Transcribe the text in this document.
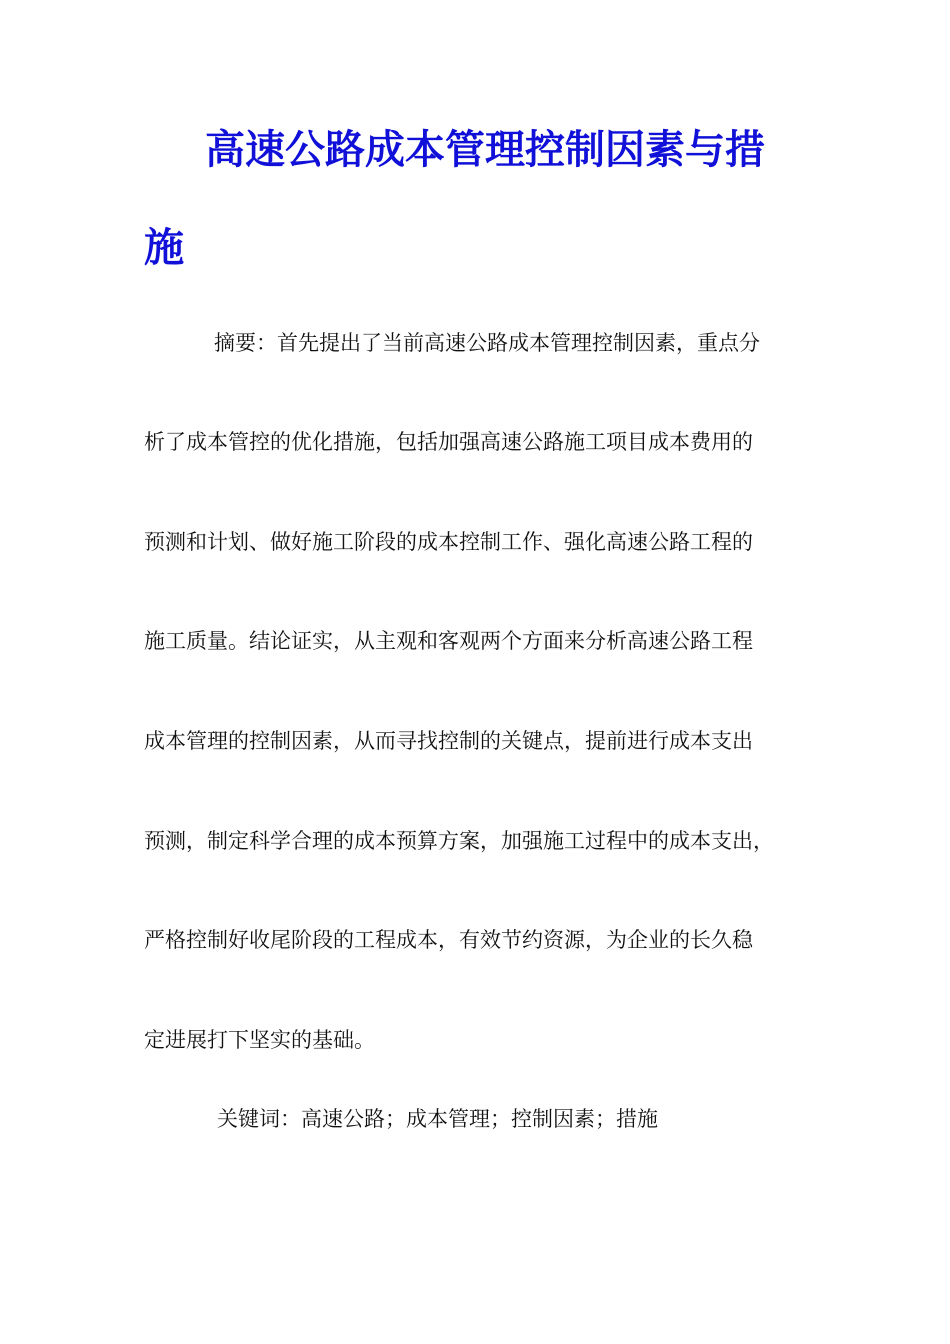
高速公路成本管理控制因素与措
施
摘要：首先提出了当前高速公路成本管理控制因素，重点分
析了成本管控的优化措施，包括加强高速公路施工项目成本费用的
预测和计划、做好施工阶段的成本控制工作、强化高速公路工程的
施工质量。结论证实，从主观和客观两个方面来分析高速公路工程
成本管理的控制因素，从而寻找控制的关键点，提前进行成本支出
预测，制定科学合理的成本预算方案，加强施工过程中的成本支出，
严格控制好收尾阶段的工程成本，有效节约资源，为企业的长久稳
定进展打下坚实的基础。
关键词：高速公路；成本管理；控制因素；措施
